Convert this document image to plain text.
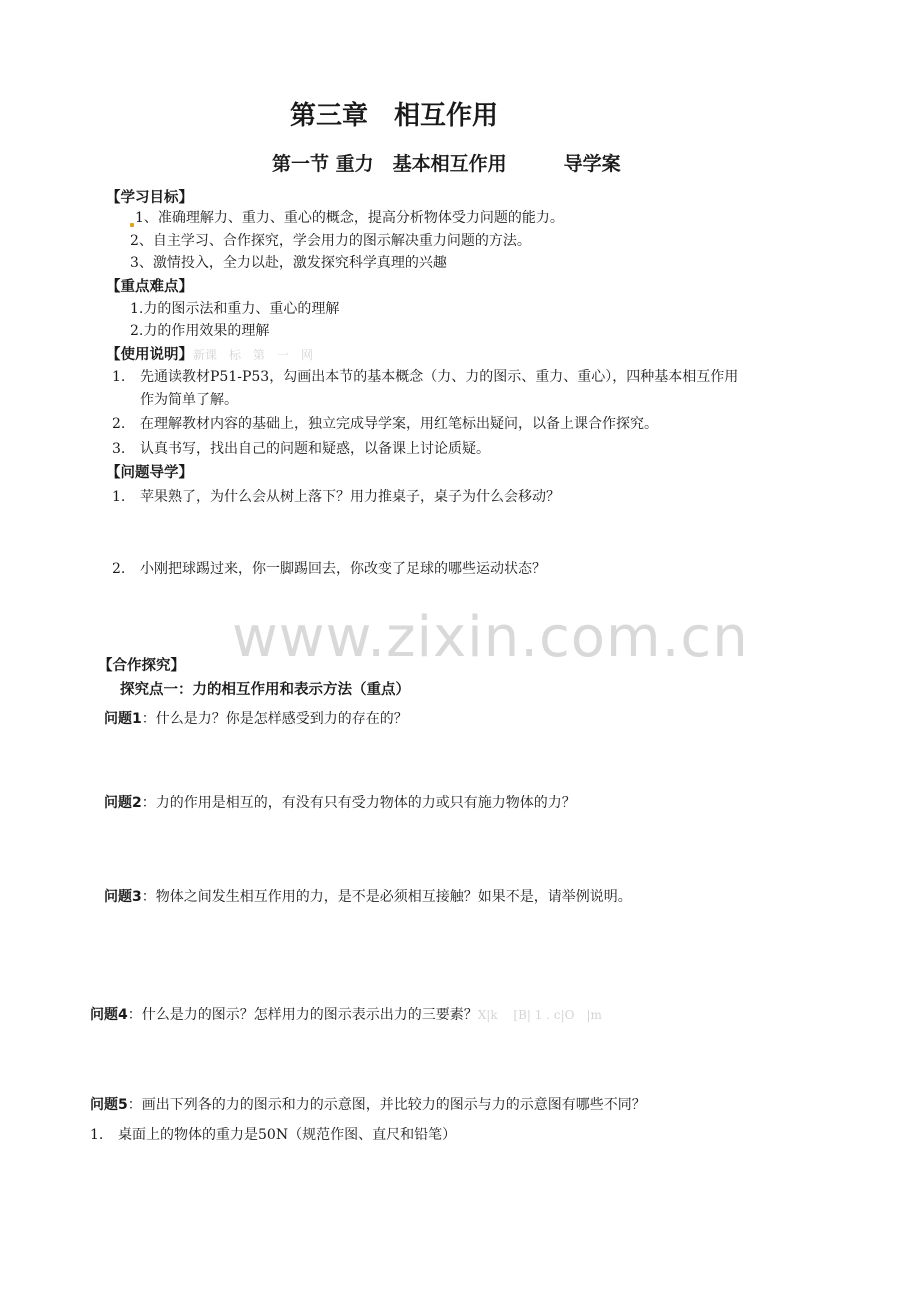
第三章　相互作用
第一节 重力　基本相互作用　　　导学案
【学习目标】
1、准确理解力、重力、重心的概念，提高分析物体受力问题的能力。
2、自主学习、合作探究，学会用力的图示解决重力问题的方法。
3、激情投入，全力以赴，激发探究科学真理的兴趣
【重点难点】
1.力的图示法和重力、重心的理解
2.力的作用效果的理解
【使用说明】新课　标　第　一　网
1. 先通读教材P51-P53，勾画出本节的基本概念（力、力的图示、重力、重心），四种基本相互作用
作为简单了解。
2. 在理解教材内容的基础上，独立完成导学案，用红笔标出疑问，以备上课合作探究。
3. 认真书写，找出自己的问题和疑惑，以备课上讨论质疑。
【问题导学】
1. 苹果熟了，为什么会从树上落下？用力推桌子，桌子为什么会移动？
2. 小刚把球踢过来，你一脚踢回去，你改变了足球的哪些运动状态？
www.zixin.com.cn
【合作探究】
探究点一：力的相互作用和表示方法（重点）
问题1：什么是力？你是怎样感受到力的存在的？
问题2：力的作用是相互的，有没有只有受力物体的力或只有施力物体的力？
问题3：物体之间发生相互作用的力，是不是必须相互接触？如果不是，请举例说明。
问题4：什么是力的图示？怎样用力的图示表示出力的三要素？X|k　 [B| 1 . c|O　|m
问题5：画出下列各的力的图示和力的示意图，并比较力的图示与力的示意图有哪些不同？
1. 桌面上的物体的重力是50N（规范作图、直尺和铅笔）
